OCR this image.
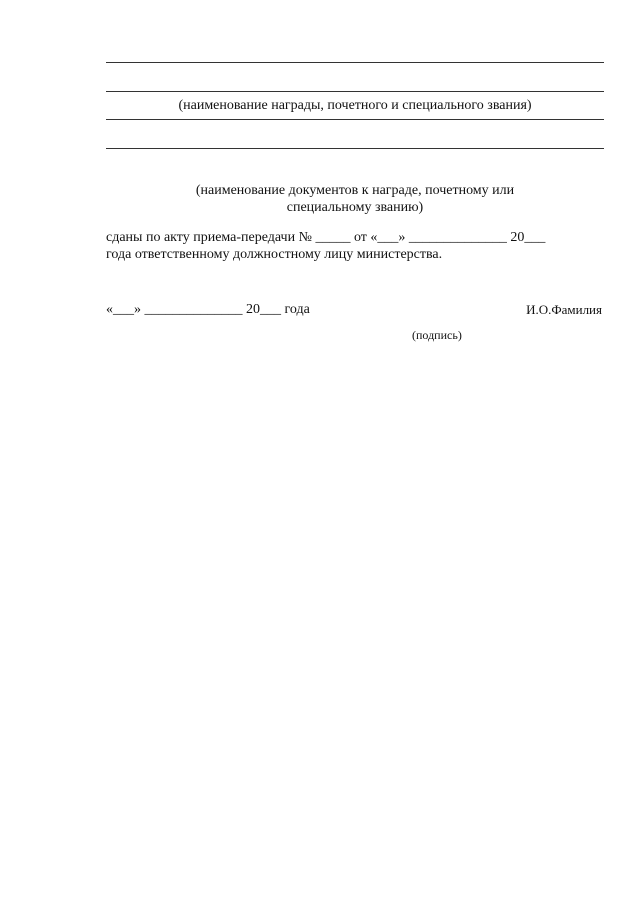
(наименование награды, почетного и специального звания)
(наименование документов к награде, почетному или
специальному званию)
сданы по акту приема-передачи № _____ от «___» ______________ 20___
года ответственному должностному лицу министерства.
«___» ______________ 20___ года	И.О.Фамилия
(подпись)
